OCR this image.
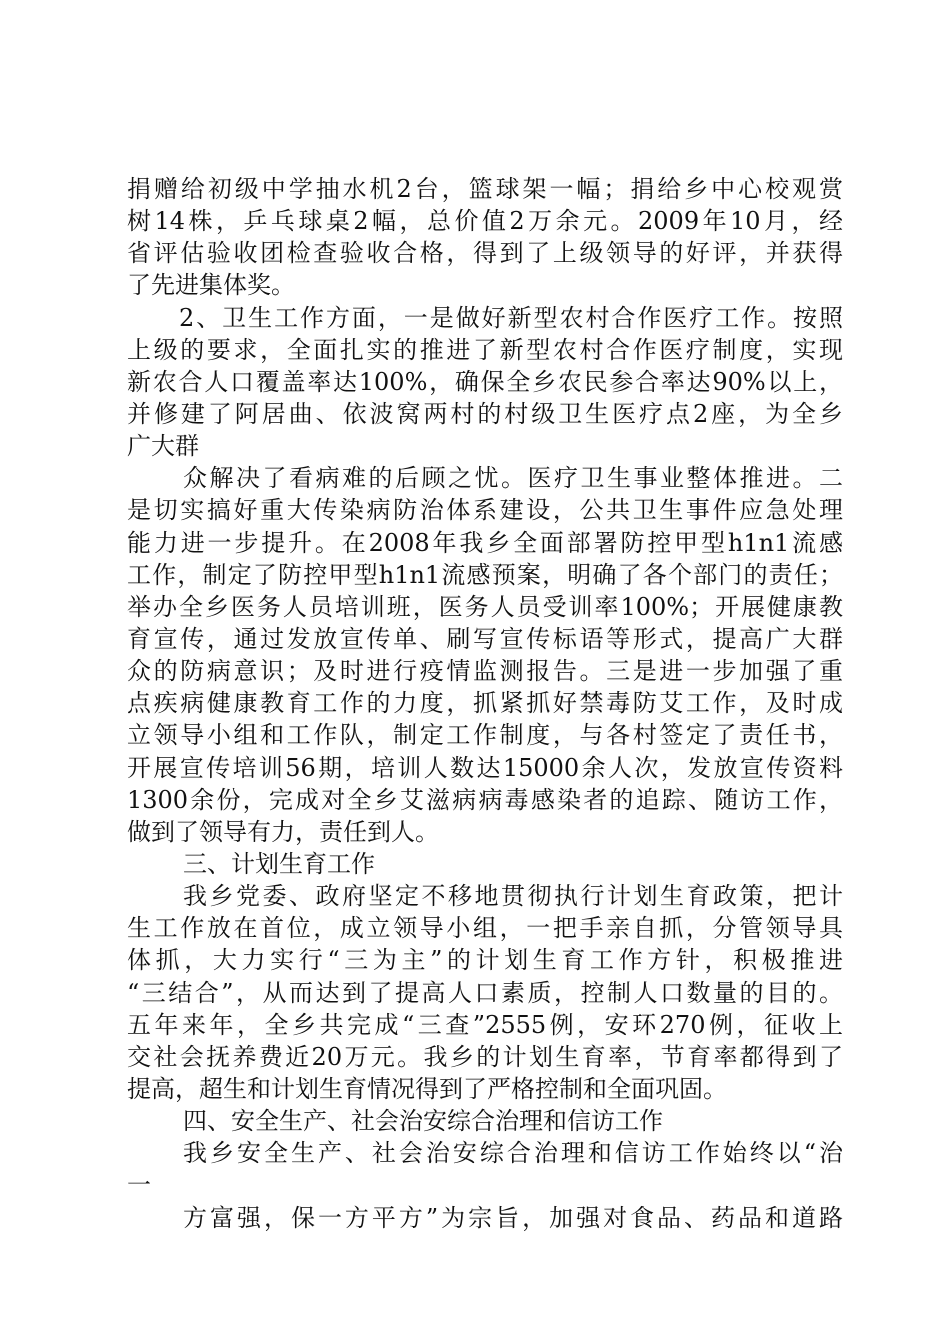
捐赠给初级中学抽水机2台，篮球架一幅；捐给乡中心校观赏
树14株，乒乓球桌2幅，总价值2万余元。2009年10月，经
省评估验收团检查验收合格，得到了上级领导的好评，并获得
了先进集体奖。
2、卫生工作方面，一是做好新型农村合作医疗工作。按照
上级的要求，全面扎实的推进了新型农村合作医疗制度，实现
新农合人口覆盖率达100%，确保全乡农民参合率达90%以上，
并修建了阿居曲、依波窝两村的村级卫生医疗点2座，为全乡
广大群
众解决了看病难的后顾之忧。医疗卫生事业整体推进。二
是切实搞好重大传染病防治体系建设，公共卫生事件应急处理
能力进一步提升。在2008年我乡全面部署防控甲型h1n1流感
工作，制定了防控甲型h1n1流感预案，明确了各个部门的责任；
举办全乡医务人员培训班，医务人员受训率100%；开展健康教
育宣传，通过发放宣传单、刷写宣传标语等形式，提高广大群
众的防病意识；及时进行疫情监测报告。三是进一步加强了重
点疾病健康教育工作的力度，抓紧抓好禁毒防艾工作，及时成
立领导小组和工作队，制定工作制度，与各村签定了责任书，
开展宣传培训56期，培训人数达15000余人次，发放宣传资料
1300余份，完成对全乡艾滋病病毒感染者的追踪、随访工作，
做到了领导有力，责任到人。
三、计划生育工作
我乡党委、政府坚定不移地贯彻执行计划生育政策，把计
生工作放在首位，成立领导小组，一把手亲自抓，分管领导具
体抓，大力实行“三为主”的计划生育工作方针，积极推进
“三结合”，从而达到了提高人口素质，控制人口数量的目的。
五年来年，全乡共完成“三查”2555例，安环270例，征收上
交社会抚养费近20万元。我乡的计划生育率，节育率都得到了
提高，超生和计划生育情况得到了严格控制和全面巩固。
四、安全生产、社会治安综合治理和信访工作
我乡安全生产、社会治安综合治理和信访工作始终以“治
一
方富强，保一方平方”为宗旨，加强对食品、药品和道路
